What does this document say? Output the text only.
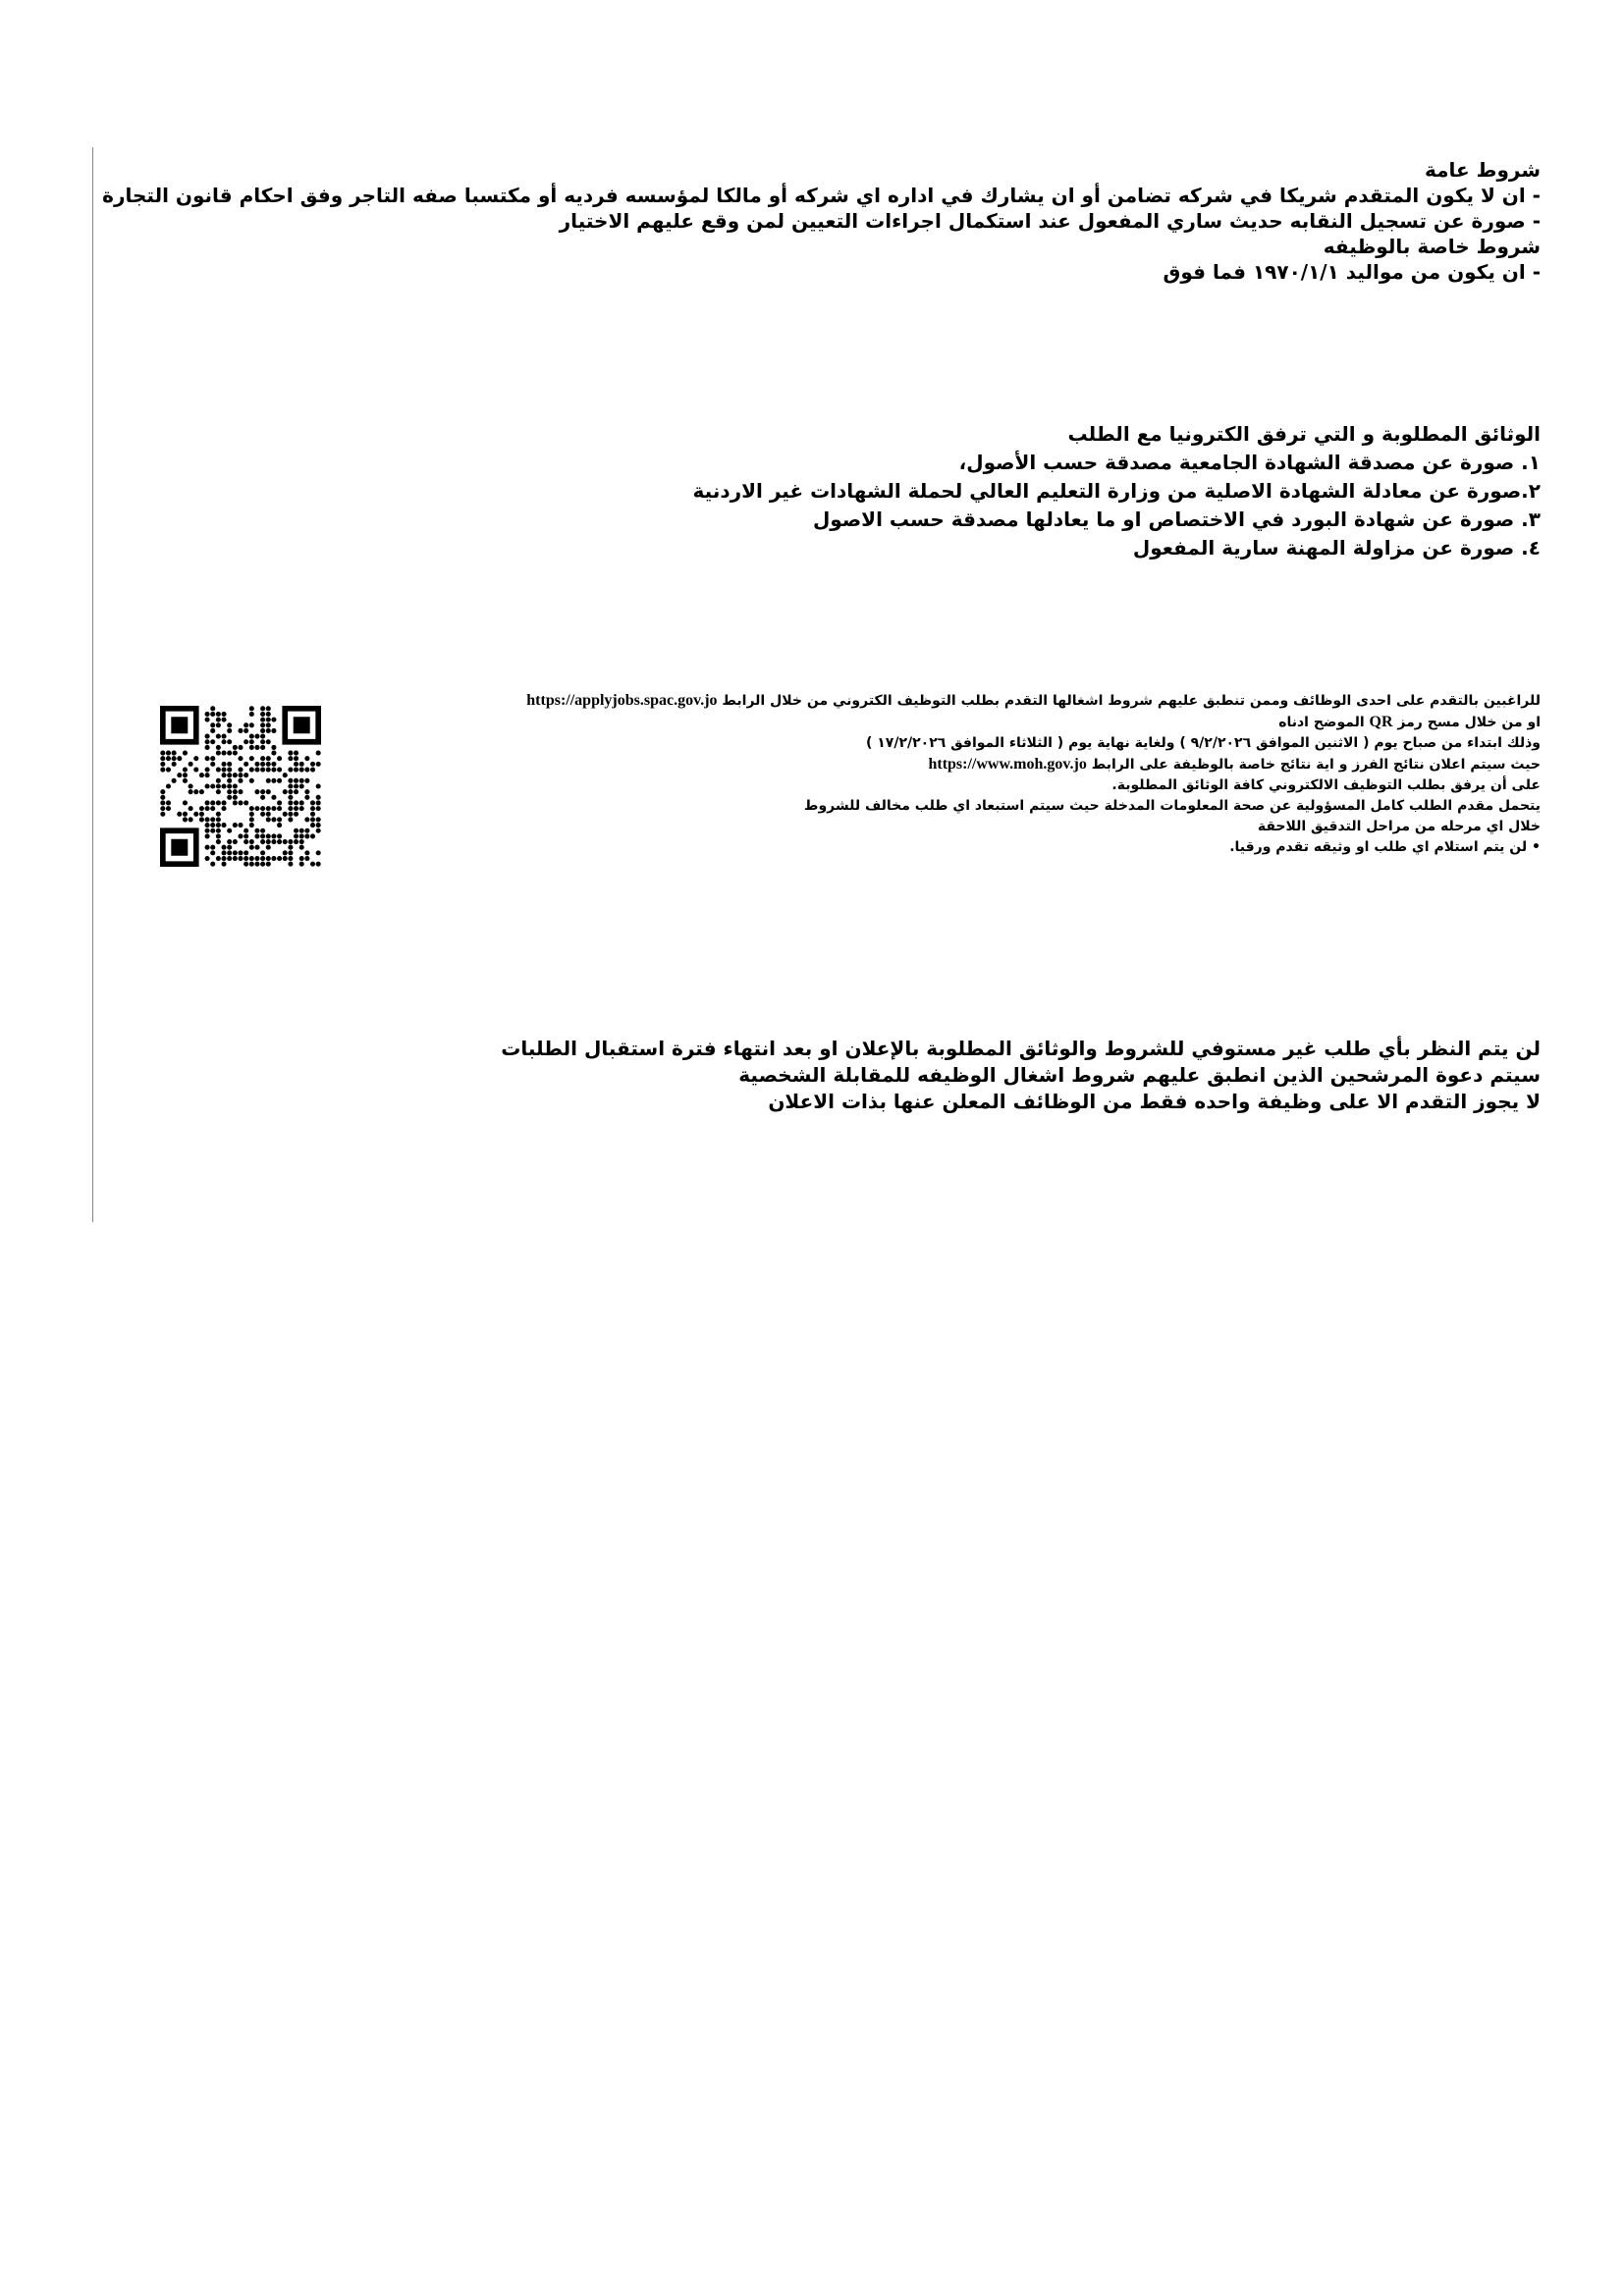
شروط عامة
- ان لا يكون المتقدم شريكا في شركه تضامن أو ان يشارك في اداره اي شركه أو مالكا لمؤسسه فرديه أو مكتسبا صفه التاجر وفق احكام قانون التجارة
- صورة عن تسجيل النقابه حديث ساري المفعول عند استكمال اجراءات التعيين لمن وقع عليهم الاختيار
شروط خاصة بالوظيفه
- ان يكون من مواليد ١٩٧٠/١/١ فما فوق
الوثائق المطلوبة و التي ترفق الكترونيا مع الطلب
١. صورة عن مصدقة الشهادة الجامعية مصدقة حسب الأصول،
٢.صورة عن معادلة الشهادة الاصلية من وزارة التعليم العالي لحملة الشهادات غير الاردنية
٣. صورة عن شهادة البورد في الاختصاص او ما يعادلها مصدقة حسب الاصول
٤. صورة عن مزاولة المهنة سارية المفعول
للراغبين بالتقدم على احدى الوظائف وممن تنطبق عليهم شروط اشغالها التقدم بطلب التوظيف الكتروني من خلال الرابط https://applyjobs.spac.gov.jo
او من خلال مسح رمز QR الموضح ادناه
وذلك ابتداء من صباح يوم ( الاثنين الموافق ٩/٢/٢٠٢٦ ) ولغاية نهاية يوم ( الثلاثاء الموافق ١٧/٢/٢٠٢٦ )
حيث سيتم اعلان نتائج الفرز و اية نتائج خاصة بالوظيفة على الرابط https://www.moh.gov.jo
على أن يرفق بطلب التوظيف الالكتروني كافة الوثائق المطلوبة.
يتحمل مقدم الطلب كامل المسؤولية عن صحة المعلومات المدخلة حيث سيتم استبعاد اي طلب مخالف للشروط
خلال اي مرحله من مراحل التدقيق اللاحقة
• لن يتم استلام اي طلب او وثيقه تقدم ورقيا.
لن يتم النظر بأي طلب غير مستوفي للشروط والوثائق المطلوبة بالإعلان او بعد انتهاء فترة استقبال الطلبات
سيتم دعوة المرشحين الذين انطبق عليهم شروط اشغال الوظيفه للمقابلة الشخصية
لا يجوز التقدم الا على وظيفة واحده فقط من الوظائف المعلن عنها بذات الاعلان
